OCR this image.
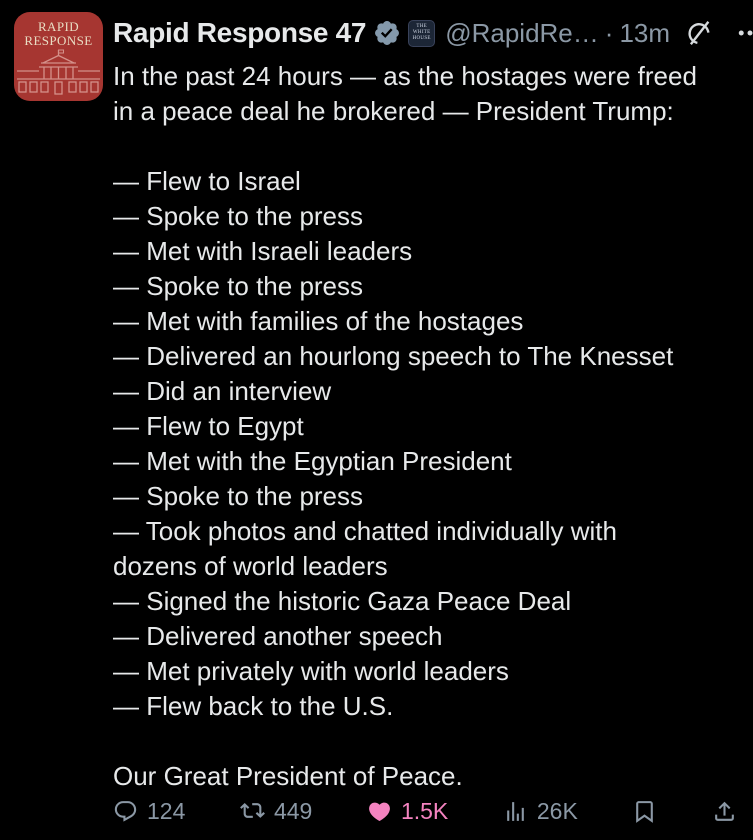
RAPID
RESPONSE Rapid Response 47	THE
WHITE
HOUSE @RapidRe… · 13m

In the past 24 hours — as the hostages were freed

in a peace deal he brokered — President Trump:

— Flew to Israel

— Spoke to the press

— Met with Israeli leaders

— Spoke to the press

— Met with families of the hostages

— Delivered an hourlong speech to The Knesset

— Did an interview

— Flew to Egypt

— Met with the Egyptian President

— Spoke to the press

— Took photos and chatted individually with

dozens of world leaders

— Signed the historic Gaza Peace Deal

— Delivered another speech

— Met privately with world leaders

— Flew back to the U.S.

Our Great President of Peace.

124	449	1.5K	26K
